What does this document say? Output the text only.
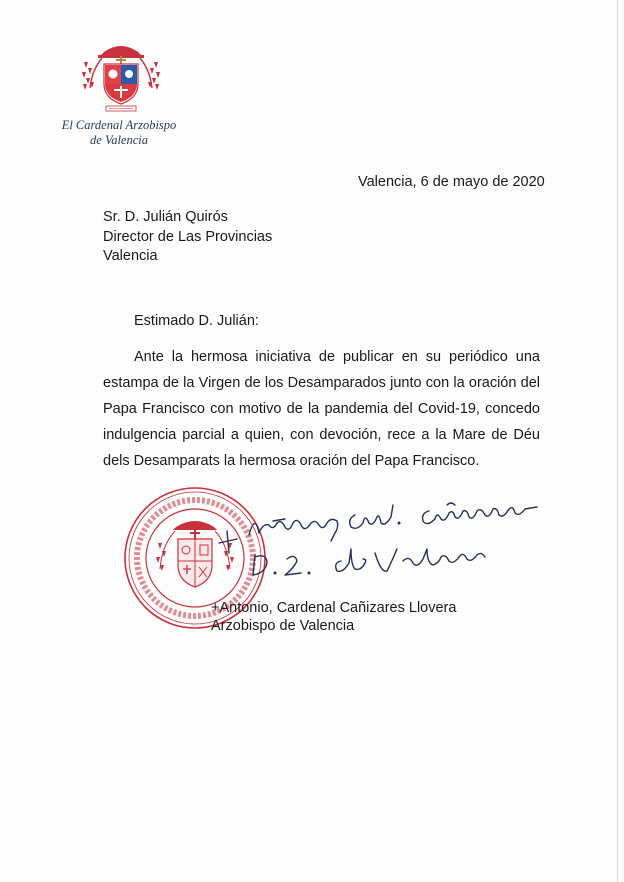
El Cardenal Arzobispo
de Valencia
Valencia, 6 de mayo de 2020
Sr. D. Julián Quirós
Director de Las Provincias
Valencia
Estimado D. Julián:
Ante la hermosa iniciativa de publicar en su periódico una estampa de la Virgen de los Desamparados junto con la oración del Papa Francisco con motivo de la pandemia del Covid-19, concedo indulgencia parcial a quien, con devoción, rece a la Mare de Déu dels Desamparats la hermosa oración del Papa Francisco.
+Antonio, Cardenal Cañizares Llovera
Arzobispo de Valencia
